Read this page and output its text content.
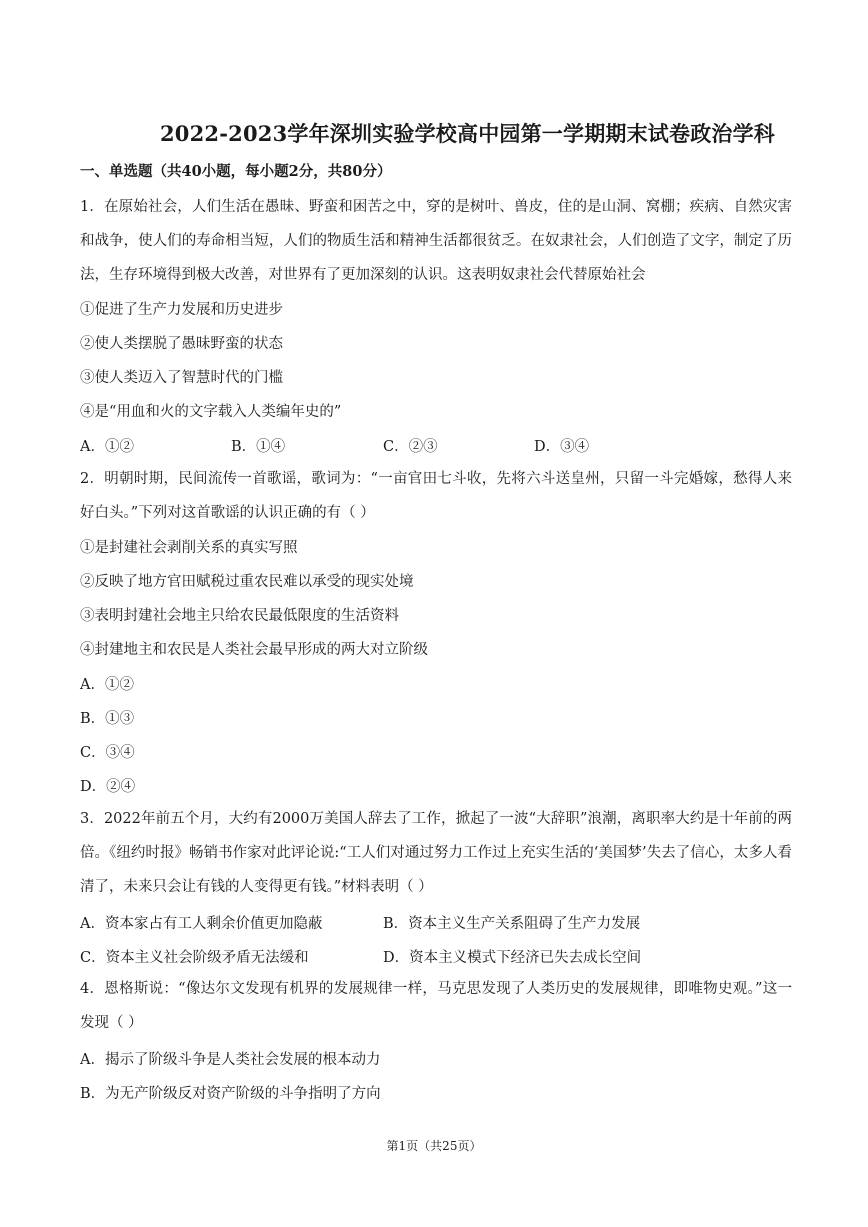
2022-2023学年深圳实验学校高中园第一学期期末试卷政治学科
一、单选题（共40小题，每小题2分，共80分）
1．在原始社会，人们生活在愚昧、野蛮和困苦之中，穿的是树叶、兽皮，住的是山洞、窝棚；疾病、自然灾害和战争，使人们的寿命相当短，人们的物质生活和精神生活都很贫乏。在奴隶社会，人们创造了文字，制定了历法，生存环境得到极大改善，对世界有了更加深刻的认识。这表明奴隶社会代替原始社会
①促进了生产力发展和历史进步
②使人类摆脱了愚昧野蛮的状态
③使人类迈入了智慧时代的门槛
④是“用血和火的文字载入人类编年史的”
A．①②	B．①④	C．②③	D．③④
2．明朝时期，民间流传一首歌谣，歌词为：“一亩官田七斗收，先将六斗送皇州，只留一斗完婚嫁，愁得人来好白头。”下列对这首歌谣的认识正确的有（ ）
①是封建社会剥削关系的真实写照
②反映了地方官田赋税过重农民难以承受的现实处境
③表明封建社会地主只给农民最低限度的生活资料
④封建地主和农民是人类社会最早形成的两大对立阶级
A．①②
B．①③
C．③④
D．②④
3．2022年前五个月，大约有2000万美国人辞去了工作，掀起了一波“大辞职”浪潮，离职率大约是十年前的两倍。《纽约时报》畅销书作家对此评论说:“工人们对通过努力工作过上充实生活的‘美国梦’失去了信心，太多人看清了，未来只会让有钱的人变得更有钱。”材料表明（ ）
A．资本家占有工人剩余价值更加隐蔽	B．资本主义生产关系阻碍了生产力发展
C．资本主义社会阶级矛盾无法缓和	D．资本主义模式下经济已失去成长空间
4．恩格斯说：“像达尔文发现有机界的发展规律一样，马克思发现了人类历史的发展规律，即唯物史观。”这一发现（ ）
A．揭示了阶级斗争是人类社会发展的根本动力
B．为无产阶级反对资产阶级的斗争指明了方向
第1页（共25页）
